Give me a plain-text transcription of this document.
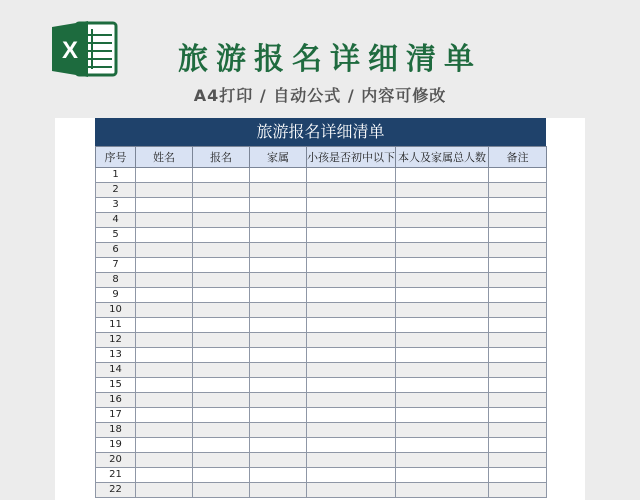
X	旅游报名详细清单
A4打印 / 自动公式 / 内容可修改
旅游报名详细清单
序号	姓名	报名	家属	小孩是否初中以下	本人及家属总人数	备注
1						
2						
3						
4						
5						
6						
7						
8						
9						
10						
11						
12						
13						
14						
15						
16						
17						
18						
19						
20						
21						
22						
